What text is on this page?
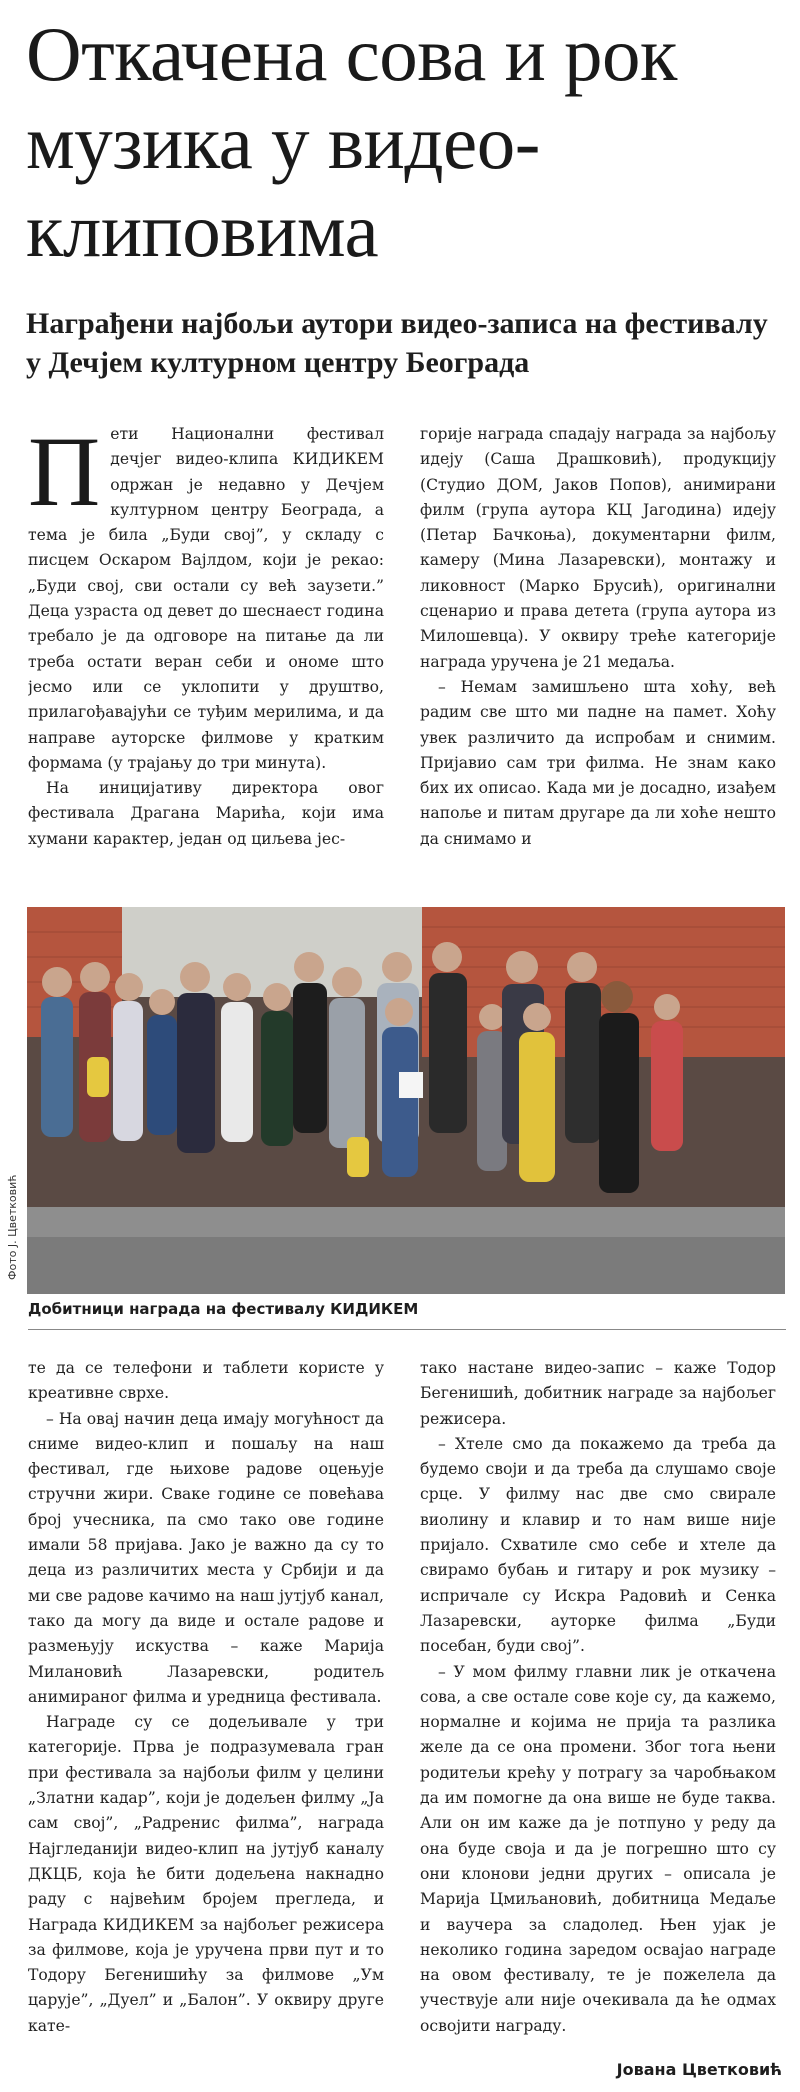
Откачена сова и рок музика у видео-клиповима
Награђени најбољи аутори видео-записа на фестивалу у Дечјем културном центру Београда
П ети Национални фестивал дечјег видео-клипа КИДИКЕМ одржан је недавно у Дечјем културном центру Београда, а тема је била „Буди свој”, у складу с писцем Оскаром Вајлдом, који је рекао: „Буди свој, сви остали су већ заузети.” Деца узраста од девет до шеснаест година требало је да одговоре на питање да ли треба остати веран себи и ономе што јесмо или се уклопити у друштво, прилагођавајући се туђим мерилима, и да направе ауторске филмове у кратким формама (у трајању до три минута).

На иницијативу директора овог фестивала Драгана Марића, који има хумани карактер, један од циљева јес-

горије награда спадају награда за најбољу идеју (Саша Драшковић), продукцију (Студио ДОМ, Јаков Попов), анимирани филм (група аутора КЦ Јагодина) идеју (Петар Бачкоња), документарни филм, камеру (Мина Лазаревски), монтажу и ликовност (Марко Брусић), оригинални сценарио и права детета (група аутора из Милошевца). У оквиру треће категорије награда уручена је 21 медаља.

– Немам замишљено шта хоћу, већ радим све што ми падне на памет. Хоћу увек различито да испробам и снимим. Пријавио сам три филма. Не знам како бих их описао. Када ми је досадно, изађем напоље и питам другаре да ли хоће нешто да снимамо и

Фото Ј. Цветковић

Добитници награда на фестивалу КИДИКЕМ

те да се телефони и таблети користе у креативне сврхе.

– На овај начин деца имају могућност да сниме видео-клип и пошаљу на наш фестивал, где њихове радове оцењује стручни жири. Сваке године се повећава број учесника, па смо тако ове године имали 58 пријава. Јако је важно да су то деца из различитих места у Србији и да ми све радове качимо на наш јутјуб канал, тако да могу да виде и остале радове и размењују искуства – каже Марија Милановић Лазаревски, родитељ анимираног филма и уредница фестивала.

Награде су се додељивале у три категорије. Прва је подразумевала гран при фестивала за најбољи филм у целини „Златни кадар”, који је додељен филму „Ја сам свој”, „Радренис филма”, награда Најгледанији видео-клип на јутјуб каналу ДКЦБ, која ће бити додељена накнадно раду с највећим бројем прегледа, и Награда КИДИКЕМ за најбољег режисера за филмове, која је уручена први пут и то Тодору Бегенишићу за филмове „Ум царује”, „Дуел” и „Балон”. У оквиру друге кате-

тако настане видео-запис – каже Тодор Бегенишић, добитник награде за најбољег режисера.

– Хтеле смо да покажемо да треба да будемо своји и да треба да слушамо своје срце. У филму нас две смо свирале виолину и клавир и то нам више није пријало. Схватиле смо себе и хтеле да свирамо бубањ и гитару и рок музику – испричале су Искра Радовић и Сенка Лазаревски, ауторке филма „Буди посебан, буди свој”.

– У мом филму главни лик је откачена сова, а све остале сове које су, да кажемо, нормалне и којима не прија та разлика желе да се она промени. Због тога њени родитељи крећу у потрагу за чаробњаком да им помогне да она више не буде таква. Али он им каже да је потпуно у реду да она буде своја и да је погрешно што су они клонови једни других – описала је Марија Цмиљановић, добитница Медаље и ваучера за сладолед. Њен ујак је неколико година заредом освајао награде на овом фестивалу, те је пожелела да учествује али није очекивала да ће одмах освојити награду.

Јована Цветковић
